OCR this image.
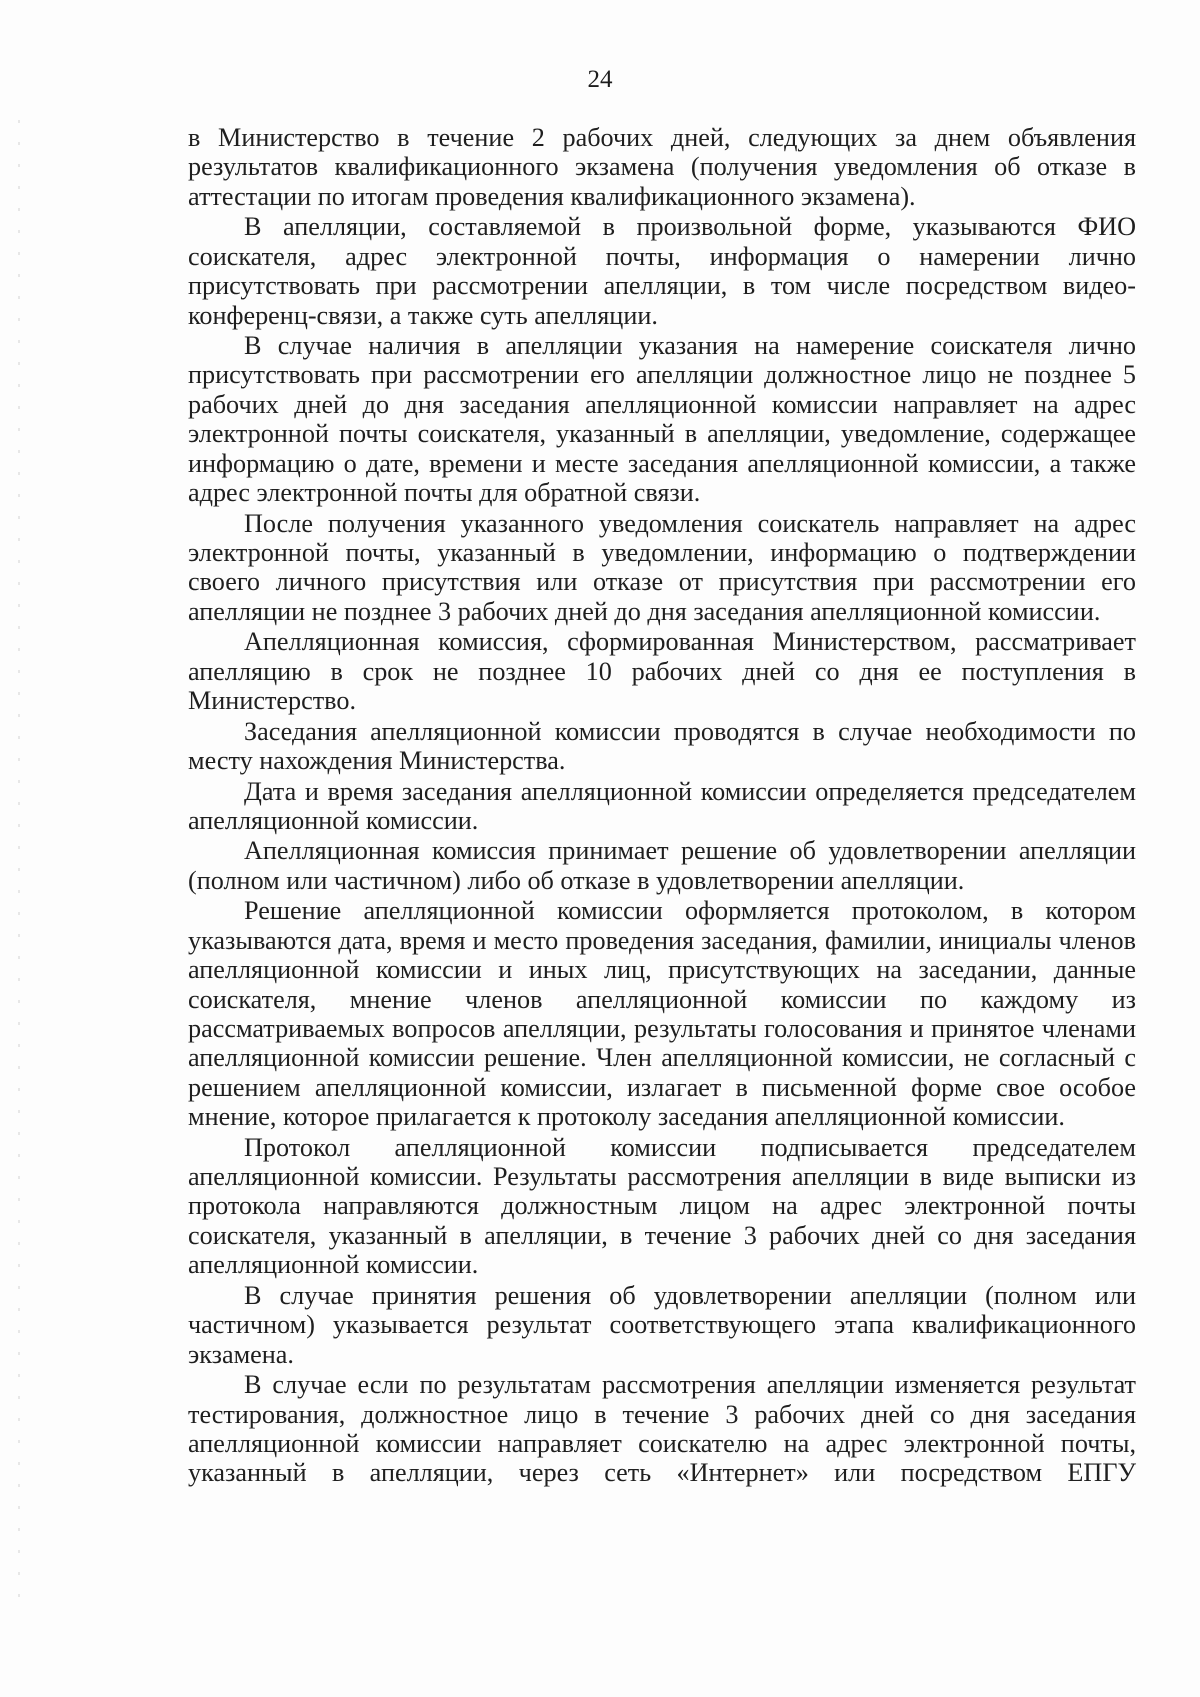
24

в Министерство в течение 2 рабочих дней, следующих за днем объявления результатов квалификационного экзамена (получения уведомления об отказе в аттестации по итогам проведения квалификационного экзамена).

В апелляции, составляемой в произвольной форме, указываются ФИО соискателя, адрес электронной почты, информация о намерении лично присутствовать при рассмотрении апелляции, в том числе посредством видео-конференц-связи, а также суть апелляции.

В случае наличия в апелляции указания на намерение соискателя лично присутствовать при рассмотрении его апелляции должностное лицо не позднее 5 рабочих дней до дня заседания апелляционной комиссии направляет на адрес электронной почты соискателя, указанный в апелляции, уведомление, содержащее информацию о дате, времени и месте заседания апелляционной комиссии, а также адрес электронной почты для обратной связи.

После получения указанного уведомления соискатель направляет на адрес электронной почты, указанный в уведомлении, информацию о подтверждении своего личного присутствия или отказе от присутствия при рассмотрении его апелляции не позднее 3 рабочих дней до дня заседания апелляционной комиссии.

Апелляционная комиссия, сформированная Министерством, рассматривает апелляцию в срок не позднее 10 рабочих дней со дня ее поступления в Министерство.

Заседания апелляционной комиссии проводятся в случае необходимости по месту нахождения Министерства.

Дата и время заседания апелляционной комиссии определяется председателем апелляционной комиссии.

Апелляционная комиссия принимает решение об удовлетворении апелляции (полном или частичном) либо об отказе в удовлетворении апелляции.

Решение апелляционной комиссии оформляется протоколом, в котором указываются дата, время и место проведения заседания, фамилии, инициалы членов апелляционной комиссии и иных лиц, присутствующих на заседании, данные соискателя, мнение членов апелляционной комиссии по каждому из рассматриваемых вопросов апелляции, результаты голосования и принятое членами апелляционной комиссии решение. Член апелляционной комиссии, не согласный с решением апелляционной комиссии, излагает в письменной форме свое особое мнение, которое прилагается к протоколу заседания апелляционной комиссии.

Протокол апелляционной комиссии подписывается председателем апелляционной комиссии. Результаты рассмотрения апелляции в виде выписки из протокола направляются должностным лицом на адрес электронной почты соискателя, указанный в апелляции, в течение 3 рабочих дней со дня заседания апелляционной комиссии.

В случае принятия решения об удовлетворении апелляции (полном или частичном) указывается результат соответствующего этапа квалификационного экзамена.

В случае если по результатам рассмотрения апелляции изменяется результат тестирования, должностное лицо в течение 3 рабочих дней со дня заседания апелляционной комиссии направляет соискателю на адрес электронной почты, указанный в апелляции, через сеть «Интернет» или посредством ЕПГУ
